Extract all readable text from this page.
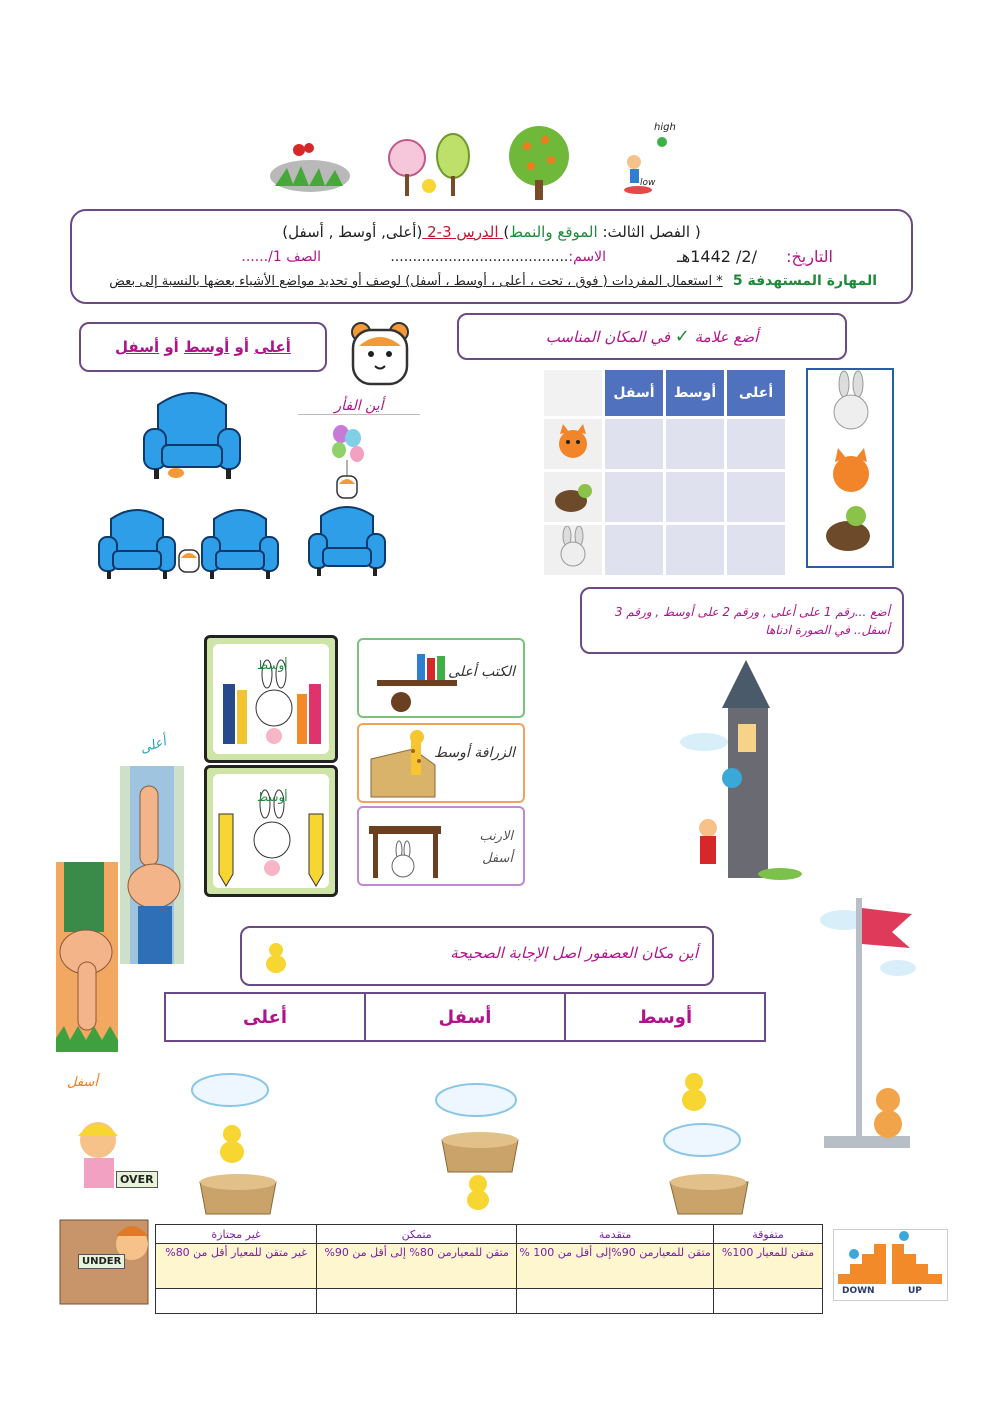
high
low
( الفصل الثالث: الموقع والنمط) الدرس 3-2 (أعلى, أوسط , أسفل)
التاريخ: /2/ 1442هـ
الاسم:........................................
الصف 1/......
المهارة المستهدفة 5 * استعمال المفردات ( فوق ، تحت ، أعلى ، أوسط ، أسفل) لوصف أو تحديد مواضع الأشياء بعضها بالنسبة إلى بعض
أعلى أو أوسط أو أسفل
أين الفأر
أضع علامة ✓ في المكان المناسب
	أسفل	أوسط	أعلى

أضع ...رقم 1 على أعلى , ورقم 2 على أوسط , ورقم 3 أسفل.. في الصورة ادناها
أوسط
أوسط
الكتب أعلى
الزرافة أوسط
الارنب أسفل
أعلى
أسفل
أين مكان العصفور اصل الإجابة الصحيحة
أعلى	أسفل	أوسط
OVER
UNDER
متفوقة	متقدمة	متمكن	غير مجتازة
متقن للمعيار 100%	متقن للمعيارمن 90%إلى أقل من 100 %	متقن للمعيارمن 80% إلى أقل من 90%	غير متقن للمعيار أقل من 80%

DOWN	UP
